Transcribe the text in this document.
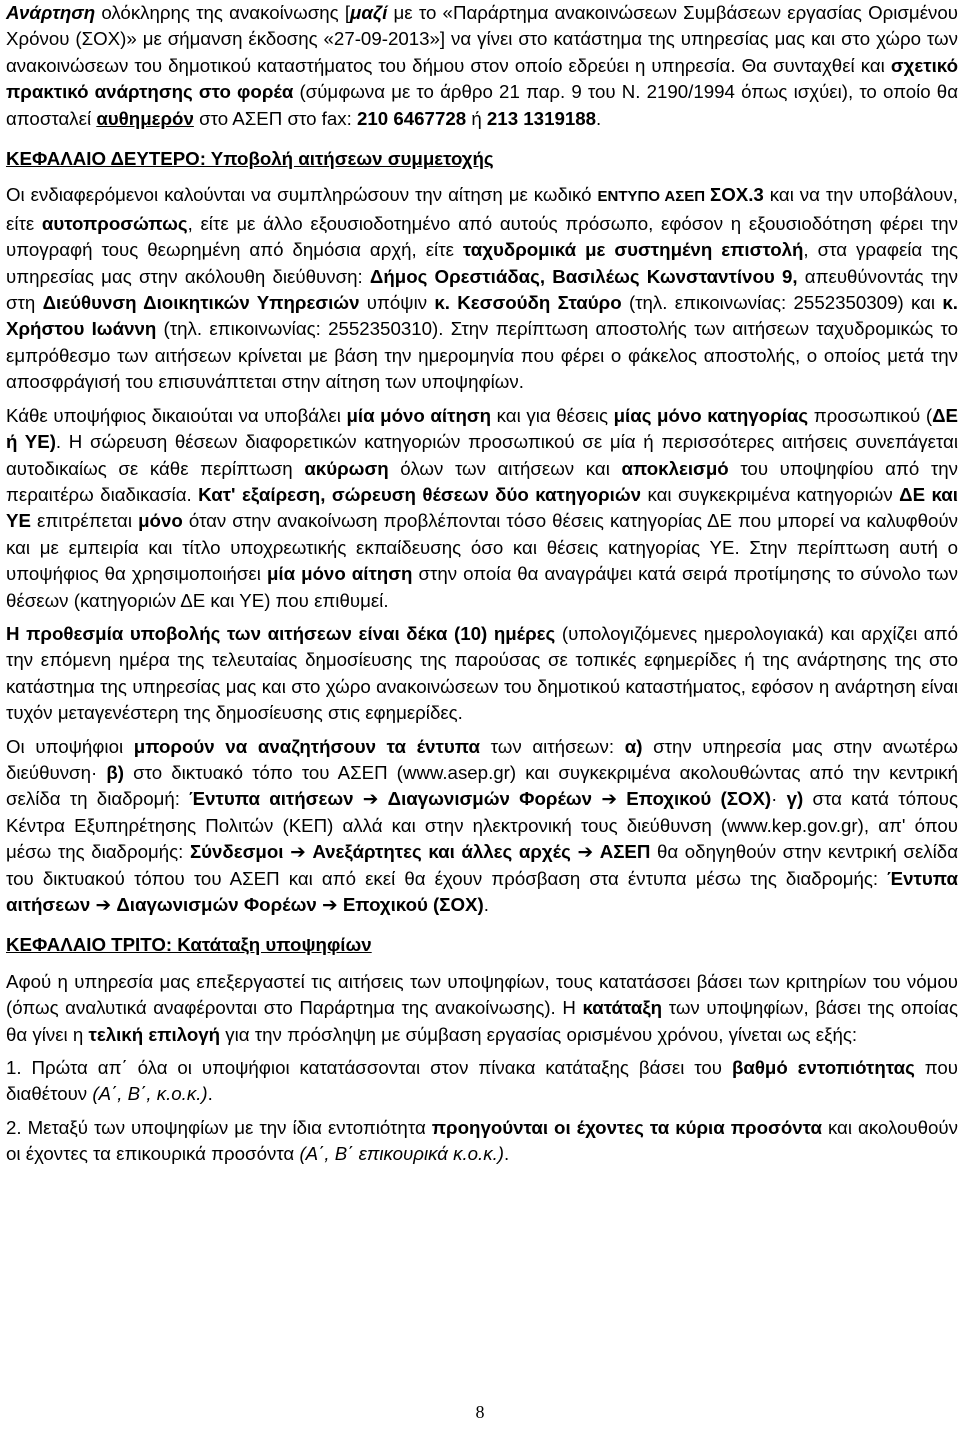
Ανάρτηση ολόκληρης της ανακοίνωσης [μαζί με το «Παράρτημα ανακοινώσεων Συμβάσεων εργασίας Ορισμένου Χρόνου (ΣΟΧ)» με σήμανση έκδοσης «27-09-2013»] να γίνει στο κατάστημα της υπηρεσίας μας και στο χώρο των ανακοινώσεων του δημοτικού καταστήματος του δήμου στον οποίο εδρεύει η υπηρεσία. Θα συνταχθεί και σχετικό πρακτικό ανάρτησης στο φορέα (σύμφωνα με το άρθρο 21 παρ. 9 του Ν. 2190/1994 όπως ισχύει), το οποίο θα αποσταλεί αυθημερόν στο ΑΣΕΠ στο fax: 210 6467728 ή 213 1319188.

ΚΕΦΑΛΑΙΟ ΔΕΥΤΕΡΟ: Υποβολή αιτήσεων συμμετοχής

Οι ενδιαφερόμενοι καλούνται να συμπληρώσουν την αίτηση με κωδικό ΕΝΤΥΠΟ ΑΣΕΠ ΣΟΧ.3 και να την υποβάλουν, είτε αυτοπροσώπως, είτε με άλλο εξουσιοδοτημένο από αυτούς πρόσωπο, εφόσον η εξουσιοδότηση φέρει την υπογραφή τους θεωρημένη από δημόσια αρχή, είτε ταχυδρομικά με συστημένη επιστολή, στα γραφεία της υπηρεσίας μας στην ακόλουθη διεύθυνση: Δήμος Ορεστιάδας, Βασιλέως Κωνσταντίνου 9, απευθύνοντάς την στη Διεύθυνση Διοικητικών Υπηρεσιών υπόψιν κ. Κεσσούδη Σταύρο (τηλ. επικοινωνίας: 2552350309) και κ. Χρήστου Ιωάννη (τηλ. επικοινωνίας: 2552350310). Στην περίπτωση αποστολής των αιτήσεων ταχυδρομικώς το εμπρόθεσμο των αιτήσεων κρίνεται με βάση την ημερομηνία που φέρει ο φάκελος αποστολής, ο οποίος μετά την αποσφράγισή του επισυνάπτεται στην αίτηση των υποψηφίων.

Κάθε υποψήφιος δικαιούται να υποβάλει μία μόνο αίτηση και για θέσεις μίας μόνο κατηγορίας προσωπικού (ΔΕ ή ΥΕ). Η σώρευση θέσεων διαφορετικών κατηγοριών προσωπικού σε μία ή περισσότερες αιτήσεις συνεπάγεται αυτοδικαίως σε κάθε περίπτωση ακύρωση όλων των αιτήσεων και αποκλεισμό του υποψηφίου από την περαιτέρω διαδικασία. Κατ' εξαίρεση, σώρευση θέσεων δύο κατηγοριών και συγκεκριμένα κατηγοριών ΔΕ και ΥΕ επιτρέπεται μόνο όταν στην ανακοίνωση προβλέπονται τόσο θέσεις κατηγορίας ΔΕ που μπορεί να καλυφθούν και με εμπειρία και τίτλο υποχρεωτικής εκπαίδευσης όσο και θέσεις κατηγορίας ΥΕ. Στην περίπτωση αυτή ο υποψήφιος θα χρησιμοποιήσει μία μόνο αίτηση στην οποία θα αναγράψει κατά σειρά προτίμησης το σύνολο των θέσεων (κατηγοριών ΔΕ και ΥΕ) που επιθυμεί.

Η προθεσμία υποβολής των αιτήσεων είναι δέκα (10) ημέρες (υπολογιζόμενες ημερολογιακά) και αρχίζει από την επόμενη ημέρα της τελευταίας δημοσίευσης της παρούσας σε τοπικές εφημερίδες ή της ανάρτησης της στο κατάστημα της υπηρεσίας μας και στο χώρο ανακοινώσεων του δημοτικού καταστήματος, εφόσον η ανάρτηση είναι τυχόν μεταγενέστερη της δημοσίευσης στις εφημερίδες.

Οι υποψήφιοι μπορούν να αναζητήσουν τα έντυπα των αιτήσεων: α) στην υπηρεσία μας στην ανωτέρω διεύθυνση· β) στο δικτυακό τόπο του ΑΣΕΠ (www.asep.gr) και συγκεκριμένα ακολουθώντας από την κεντρική σελίδα τη διαδρομή: Έντυπα αιτήσεων ➔ Διαγωνισμών Φορέων ➔ Εποχικού (ΣΟΧ)· γ) στα κατά τόπους Κέντρα Εξυπηρέτησης Πολιτών (ΚΕΠ) αλλά και στην ηλεκτρονική τους διεύθυνση (www.kep.gov.gr), απ' όπου μέσω της διαδρομής: Σύνδεσμοι ➔ Ανεξάρτητες και άλλες αρχές ➔ ΑΣΕΠ θα οδηγηθούν στην κεντρική σελίδα του δικτυακού τόπου του ΑΣΕΠ και από εκεί θα έχουν πρόσβαση στα έντυπα μέσω της διαδρομής: Έντυπα αιτήσεων ➔ Διαγωνισμών Φορέων ➔ Εποχικού (ΣΟΧ).

ΚΕΦΑΛΑΙΟ ΤΡΙΤΟ: Κατάταξη υποψηφίων

Αφού η υπηρεσία μας επεξεργαστεί τις αιτήσεις των υποψηφίων, τους κατατάσσει βάσει των κριτηρίων του νόμου (όπως αναλυτικά αναφέρονται στο Παράρτημα της ανακοίνωσης). Η κατάταξη των υποψηφίων, βάσει της οποίας θα γίνει η τελική επιλογή για την πρόσληψη με σύμβαση εργασίας ορισμένου χρόνου, γίνεται ως εξής:

1. Πρώτα απ΄ όλα οι υποψήφιοι κατατάσσονται στον πίνακα κατάταξης βάσει του βαθμό εντοπιότητας που διαθέτουν (Α΄, Β΄, κ.ο.κ.).

2. Μεταξύ των υποψηφίων με την ίδια εντοπιότητα προηγούνται οι έχοντες τα κύρια προσόντα και ακολουθούν οι έχοντες τα επικουρικά προσόντα (Α΄, Β΄ επικουρικά κ.ο.κ.).

8
